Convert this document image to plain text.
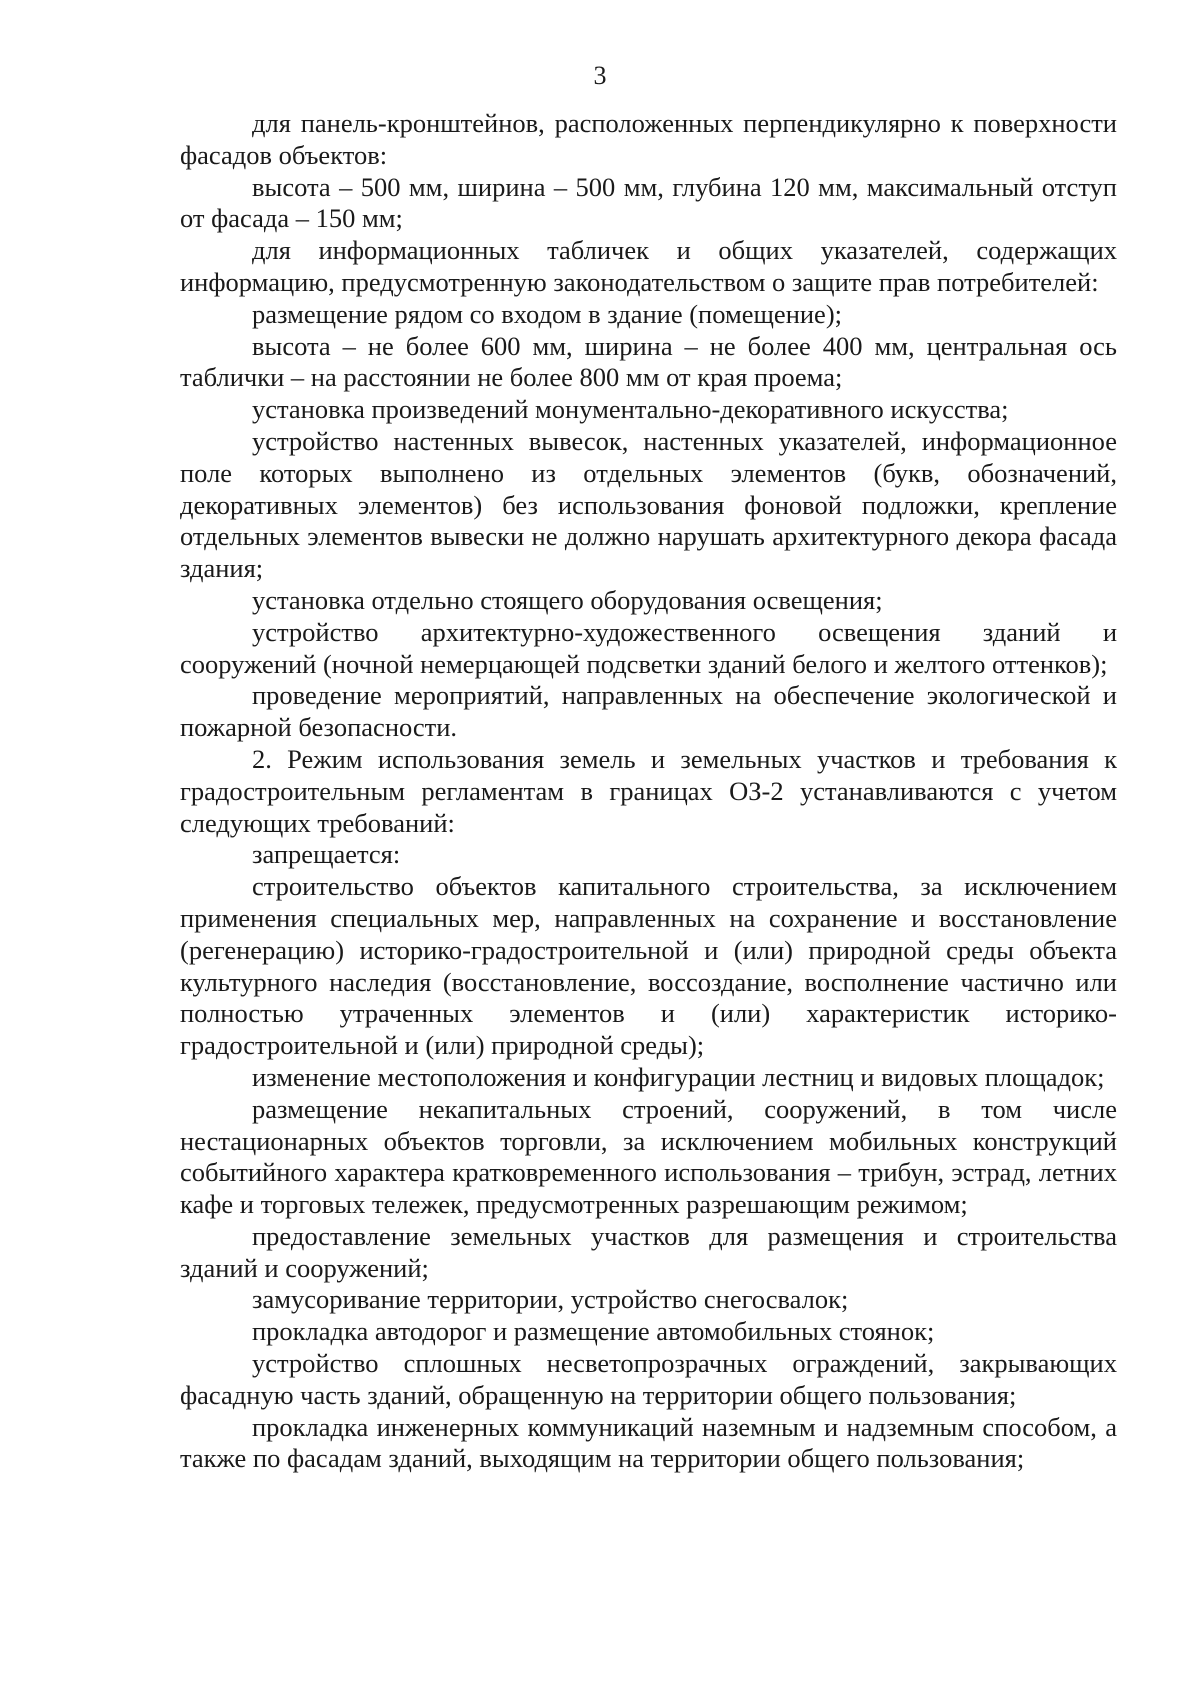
3

для панель-кронштейнов, расположенных перпендикулярно к поверхности фасадов объектов:

высота – 500 мм, ширина – 500 мм, глубина 120 мм, максимальный отступ от фасада – 150 мм;

для информационных табличек и общих указателей, содержащих информацию, предусмотренную законодательством о защите прав потребителей:

размещение рядом со входом в здание (помещение);

высота – не более 600 мм, ширина – не более 400 мм, центральная ось таблички – на расстоянии не более 800 мм от края проема;

установка произведений монументально-декоративного искусства;

устройство настенных вывесок, настенных указателей, информационное поле которых выполнено из отдельных элементов (букв, обозначений, декоративных элементов) без использования фоновой подложки, крепление отдельных элементов вывески не должно нарушать архитектурного декора фасада здания;

установка отдельно стоящего оборудования освещения;

устройство архитектурно-художественного освещения зданий и сооружений (ночной немерцающей подсветки зданий белого и желтого оттенков);

проведение мероприятий, направленных на обеспечение экологической и пожарной безопасности.

2. Режим использования земель и земельных участков и требования к градостроительным регламентам в границах ОЗ-2 устанавливаются с учетом следующих требований:

запрещается:

строительство объектов капитального строительства, за исключением применения специальных мер, направленных на сохранение и восстановление (регенерацию) историко-градостроительной и (или) природной среды объекта культурного наследия (восстановление, воссоздание, восполнение частично или полностью утраченных элементов и (или) характеристик историко-градостроительной и (или) природной среды);

изменение местоположения и конфигурации лестниц и видовых площадок;

размещение некапитальных строений, сооружений, в том числе нестационарных объектов торговли, за исключением мобильных конструкций событийного характера кратковременного использования – трибун, эстрад, летних кафе и торговых тележек, предусмотренных разрешающим режимом;

предоставление земельных участков для размещения и строительства зданий и сооружений;

замусоривание территории, устройство снегосвалок;

прокладка автодорог и размещение автомобильных стоянок;

устройство сплошных несветопрозрачных ограждений, закрывающих фасадную часть зданий, обращенную на территории общего пользования;

прокладка инженерных коммуникаций наземным и надземным способом, а также по фасадам зданий, выходящим на территории общего пользования;
